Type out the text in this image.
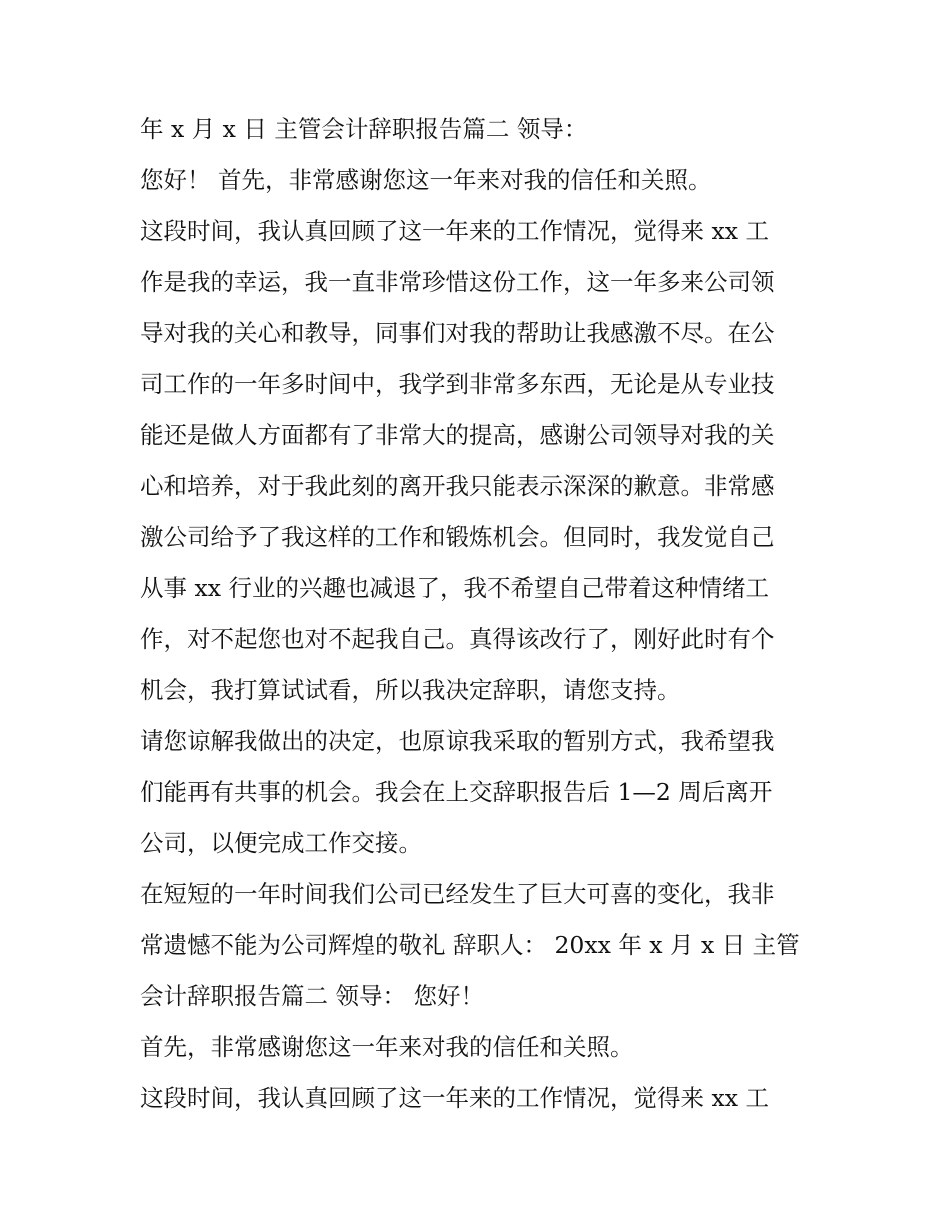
年 x 月 x 日 主管会计辞职报告篇二 领导：
您好！ 首先，非常感谢您这一年来对我的信任和关照。
这段时间，我认真回顾了这一年来的工作情况，觉得来 xx 工
作是我的幸运，我一直非常珍惜这份工作，这一年多来公司领
导对我的关心和教导，同事们对我的帮助让我感激不尽。在公
司工作的一年多时间中，我学到非常多东西，无论是从专业技
能还是做人方面都有了非常大的提高，感谢公司领导对我的关
心和培养，对于我此刻的离开我只能表示深深的歉意。非常感
激公司给予了我这样的工作和锻炼机会。但同时，我发觉自己
从事 xx 行业的兴趣也减退了，我不希望自己带着这种情绪工
作，对不起您也对不起我自己。真得该改行了，刚好此时有个
机会，我打算试试看，所以我决定辞职，请您支持。
请您谅解我做出的决定，也原谅我采取的暂别方式，我希望我
们能再有共事的机会。我会在上交辞职报告后 1—2 周后离开
公司，以便完成工作交接。
在短短的一年时间我们公司已经发生了巨大可喜的变化，我非
常遗憾不能为公司辉煌的敬礼 辞职人： 20xx 年 x 月 x 日 主管
会计辞职报告篇二 领导： 您好！
首先，非常感谢您这一年来对我的信任和关照。
这段时间，我认真回顾了这一年来的工作情况，觉得来 xx 工
